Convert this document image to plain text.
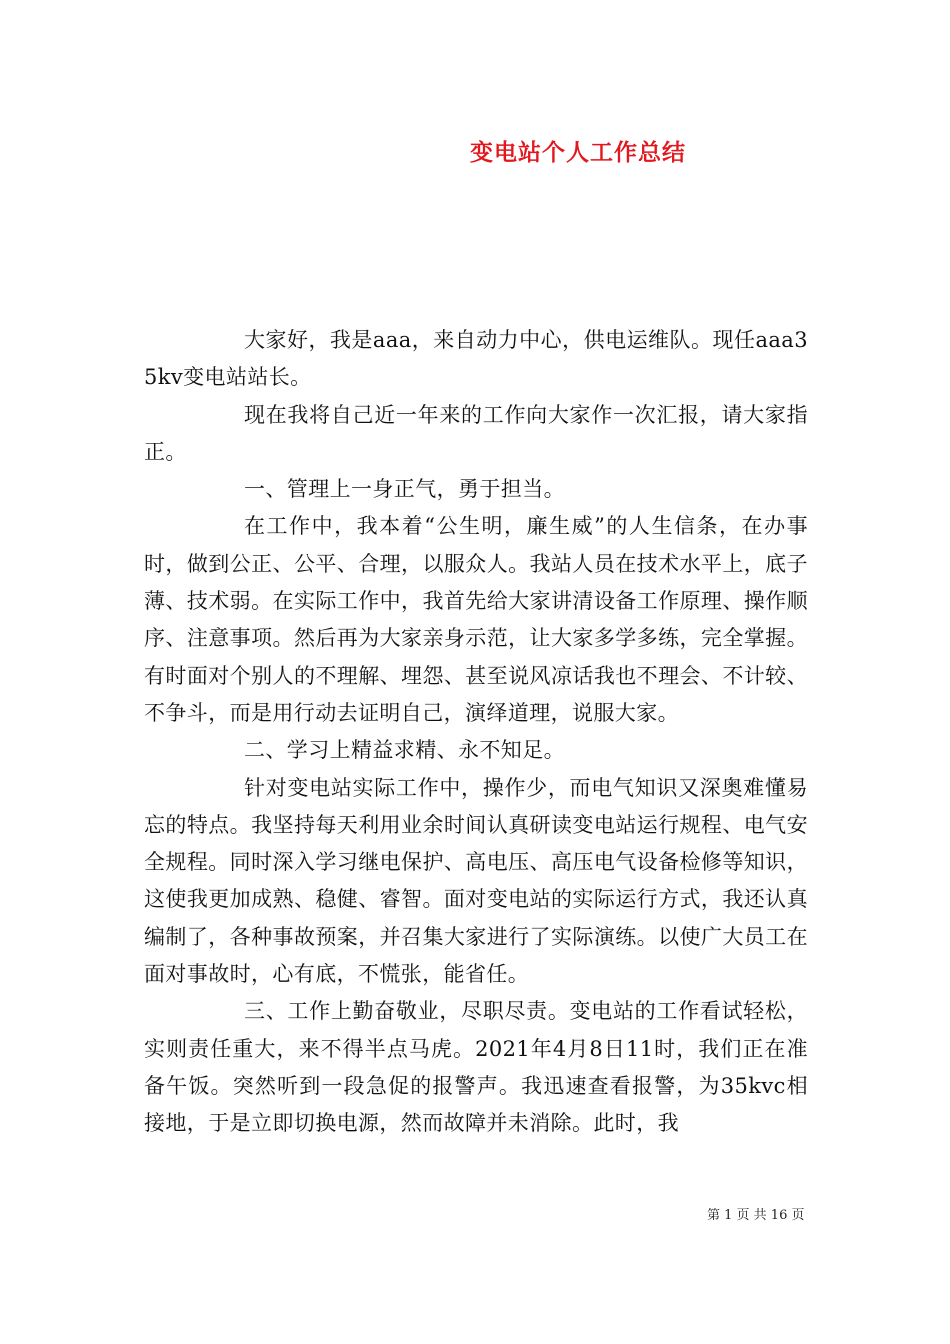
变电站个人工作总结

大家好，我是aaa，来自动力中心，供电运维队。现任aaa35kv变电站站长。

现在我将自己近一年来的工作向大家作一次汇报，请大家指正。

一、管理上一身正气，勇于担当。

在工作中，我本着“公生明，廉生威”的人生信条，在办事时，做到公正、公平、合理，以服众人。我站人员在技术水平上，底子薄、技术弱。在实际工作中，我首先给大家讲清设备工作原理、操作顺序、注意事项。然后再为大家亲身示范，让大家多学多练，完全掌握。有时面对个别人的不理解、埋怨、甚至说风凉话我也不理会、不计较、不争斗，而是用行动去证明自己，演绎道理，说服大家。

二、学习上精益求精、永不知足。

针对变电站实际工作中，操作少，而电气知识又深奥难懂易忘的特点。我坚持每天利用业余时间认真研读变电站运行规程、电气安全规程。同时深入学习继电保护、高电压、高压电气设备检修等知识，这使我更加成熟、稳健、睿智。面对变电站的实际运行方式，我还认真编制了，各种事故预案，并召集大家进行了实际演练。以使广大员工在面对事故时，心有底，不慌张，能省任。

三、工作上勤奋敬业，尽职尽责。变电站的工作看试轻松，实则责任重大，来不得半点马虎。2021年4月8日11时，我们正在准备午饭。突然听到一段急促的报警声。我迅速查看报警，为35kvc相接地，于是立即切换电源，然而故障并未消除。此时，我

第 1 页 共 16 页
